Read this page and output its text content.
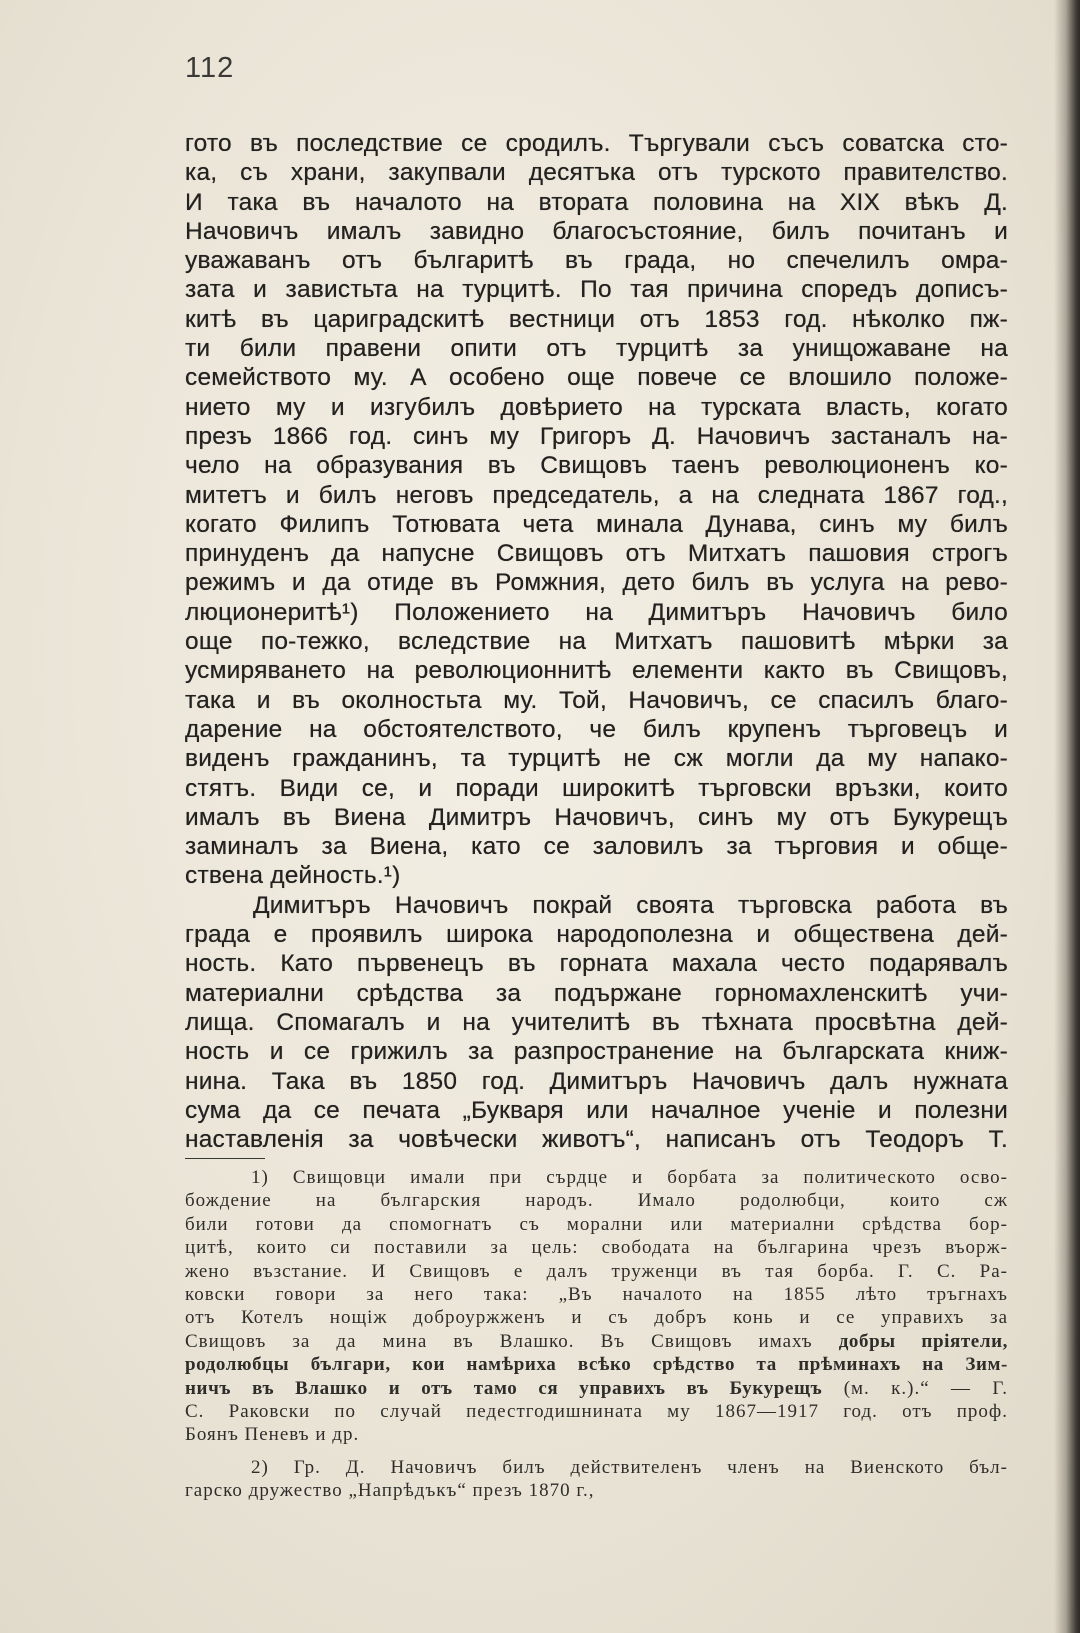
112
гото въ последствие се сродилъ. Търгували съсъ соватска сто-
ка, съ храни, закупвали десятъка отъ турското правителство.
И така въ началото на втората половина на XIX вѣкъ Д.
Начовичъ ималъ завидно благосъстояние, билъ почитанъ и
уважаванъ отъ българитѣ въ града, но спечелилъ омра-
зата и завистьта на турцитѣ. По тая причина споредъ дописъ-
китѣ въ цариградскитѣ вестници отъ 1853 год. нѣколко пж-
ти били правени опити отъ турцитѣ за унищожаване на
семейството му. А особено още повече се влошило положе-
нието му и изгубилъ довѣрието на турската власть, когато
презъ 1866 год. синъ му Григоръ Д. Начовичъ застаналъ на-
чело на образувания въ Свищовъ таенъ революционенъ ко-
митетъ и билъ неговъ председатель, а на следната 1867 год.,
когато Филипъ Тотювата чета минала Дунава, синъ му билъ
принуденъ да напусне Свищовъ отъ Митхатъ пашовия строгъ
режимъ и да отиде въ Ромжния, дето билъ въ услуга на рево-
люционеритѣ¹) Положението на Димитъръ Начовичъ било
още по-тежко, вследствие на Митхатъ пашовитѣ мѣрки за
усмиряването на революционнитѣ елементи както въ Свищовъ,
така и въ околностьта му. Той, Начовичъ, се спасилъ благо-
дарение на обстоятелството, че билъ крупенъ търговецъ и
виденъ гражданинъ, та турцитѣ не сж могли да му напако-
стятъ. Види се, и поради широкитѣ търговски връзки, които
ималъ въ Виена Димитръ Начовичъ, синъ му отъ Букурещъ
заминалъ за Виена, като се заловилъ за търговия и обще-
ствена дейность.¹)
Димитъръ Начовичъ покрай своята търговска работа въ
града е проявилъ широка народополезна и обществена дей-
ность. Като първенецъ въ горната махала често подарявалъ
материални срѣдства за подържане горномахленскитѣ учи-
лища. Спомагалъ и на учителитѣ въ тѣхната просвѣтна дей-
ность и се грижилъ за разпространение на българската книж-
нина. Така въ 1850 год. Димитъръ Начовичъ далъ нужната
сума да се печата „Букваря или началное ученіе и полезни
наставленія за човѣчески животъ“, написанъ отъ Теодоръ Т.
1) Свищовци имали при сърдце и борбата за политическото осво-
бождение на българския народъ. Имало родолюбци, които сж
били готови да спомогнатъ съ морални или материални срѣдства бор-
цитѣ, които си поставили за цель: свободата на българина чрезъ въорж-
жено възстание. И Свищовъ е далъ труженци въ тая борба. Г. С. Ра-
ковски говори за него така: „Въ началото на 1855 лѣто тръгнахъ
отъ Котелъ нощіж доброуржженъ и съ добръ конь и се управихъ за
Свищовъ за да мина въ Влашко. Въ Свищовъ имахъ добры пріятели,
родолюбцы българи, кои намѣриха всѣко срѣдство та прѣминахъ на Зим-
ничъ въ Влашко и отъ тамо ся управихъ въ Букурещъ (м. к.).“ — Г.
С. Раковски по случай педестгодишнината му 1867—1917 год. отъ проф.
Боянъ Пеневъ и др.
2) Гр. Д. Начовичъ билъ действителенъ членъ на Виенското бъл-
гарско дружество „Напрѣдъкъ“ презъ 1870 г.,
